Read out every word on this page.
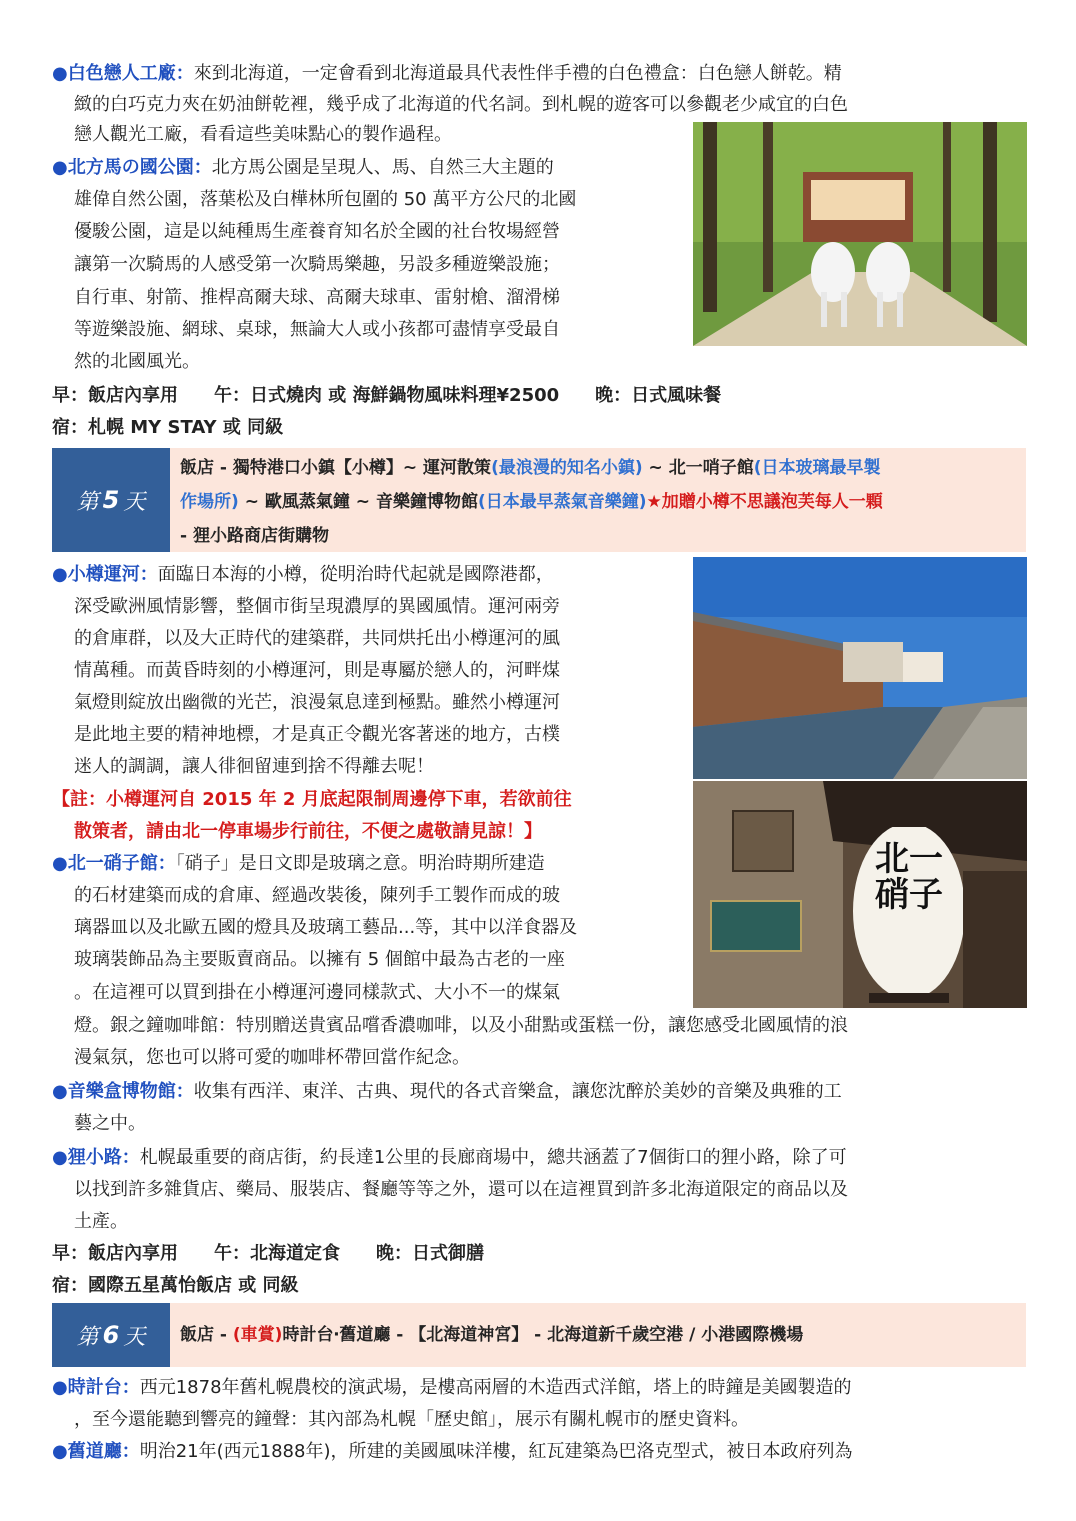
●白色戀人工廠：來到北海道，一定會看到北海道最具代表性伴手禮的白色禮盒：白色戀人餅乾。精
緻的白巧克力夾在奶油餅乾裡，幾乎成了北海道的代名詞。到札幌的遊客可以參觀老少咸宜的白色
戀人觀光工廠，看看這些美味點心的製作過程。
●北方馬の國公園：北方馬公園是呈現人、馬、自然三大主題的
雄偉自然公園，落葉松及白樺林所包圍的 50 萬平方公尺的北國
優駿公園，這是以純種馬生產養育知名於全國的社台牧場經營
讓第一次騎馬的人感受第一次騎馬樂趣，另設多種遊樂設施；
自行車、射箭、推桿高爾夫球、高爾夫球車、雷射槍、溜滑梯
等遊樂設施、網球、桌球，無論大人或小孩都可盡情享受最自
然的北國風光。
早：飯店內享用　　午：日式燒肉 或 海鮮鍋物風味料理¥2500　　晚：日式風味餐
宿：札幌 MY STAY 或 同級
第 5 天
飯店 - 獨特港口小鎮【小樽】~ 運河散策(最浪漫的知名小鎮) ~ 北一哨子館(日本玻璃最早製
作場所) ~ 歐風蒸氣鐘 ~ 音樂鐘博物館(日本最早蒸氣音樂鐘)★加贈小樽不思議泡芙每人一顆
- 狸小路商店街購物
●小樽運河：面臨日本海的小樽，從明治時代起就是國際港都，
深受歐洲風情影響，整個市街呈現濃厚的異國風情。運河兩旁
的倉庫群，以及大正時代的建築群，共同烘托出小樽運河的風
情萬種。而黃昏時刻的小樽運河，則是專屬於戀人的，河畔煤
氣燈則綻放出幽微的光芒，浪漫氣息達到極點。雖然小樽運河
是此地主要的精神地標，才是真正令觀光客著迷的地方，古樸
迷人的調調，讓人徘徊留連到捨不得離去呢！
【註：小樽運河自 2015 年 2 月底起限制周邊停下車，若欲前往
散策者，請由北一停車場步行前往，不便之處敬請見諒！】
北一硝子
●北一硝子館：「硝子」是日文即是玻璃之意。明治時期所建造
的石材建築而成的倉庫、經過改裝後，陳列手工製作而成的玻
璃器皿以及北歐五國的燈具及玻璃工藝品...等，其中以洋食器及
玻璃裝飾品為主要販賣商品。以擁有 5 個館中最為古老的一座
。在這裡可以買到掛在小樽運河邊同樣款式、大小不一的煤氣
燈。銀之鐘咖啡館：特別贈送貴賓品嚐香濃咖啡，以及小甜點或蛋糕一份，讓您感受北國風情的浪
漫氣氛，您也可以將可愛的咖啡杯帶回當作紀念。
●音樂盒博物館：收集有西洋、東洋、古典、現代的各式音樂盒，讓您沈醉於美妙的音樂及典雅的工
藝之中。
●狸小路：札幌最重要的商店街，約長達1公里的長廊商場中，總共涵蓋了7個街口的狸小路，除了可
以找到許多雜貨店、藥局、服裝店、餐廳等等之外，還可以在這裡買到許多北海道限定的商品以及
土產。
早：飯店內享用　　午：北海道定食　　晚：日式御膳
宿：國際五星萬怡飯店 或 同級
第 6 天 飯店 - (車賞)時計台‧舊道廳 - 【北海道神宮】 - 北海道新千歲空港 / 小港國際機場
●時計台：西元1878年舊札幌農校的演武場，是樓高兩層的木造西式洋館，塔上的時鐘是美國製造的
，至今還能聽到響亮的鐘聲：其內部為札幌「歷史館」，展示有關札幌市的歷史資料。
●舊道廳：明治21年(西元1888年)，所建的美國風味洋樓，紅瓦建築為巴洛克型式，被日本政府列為
